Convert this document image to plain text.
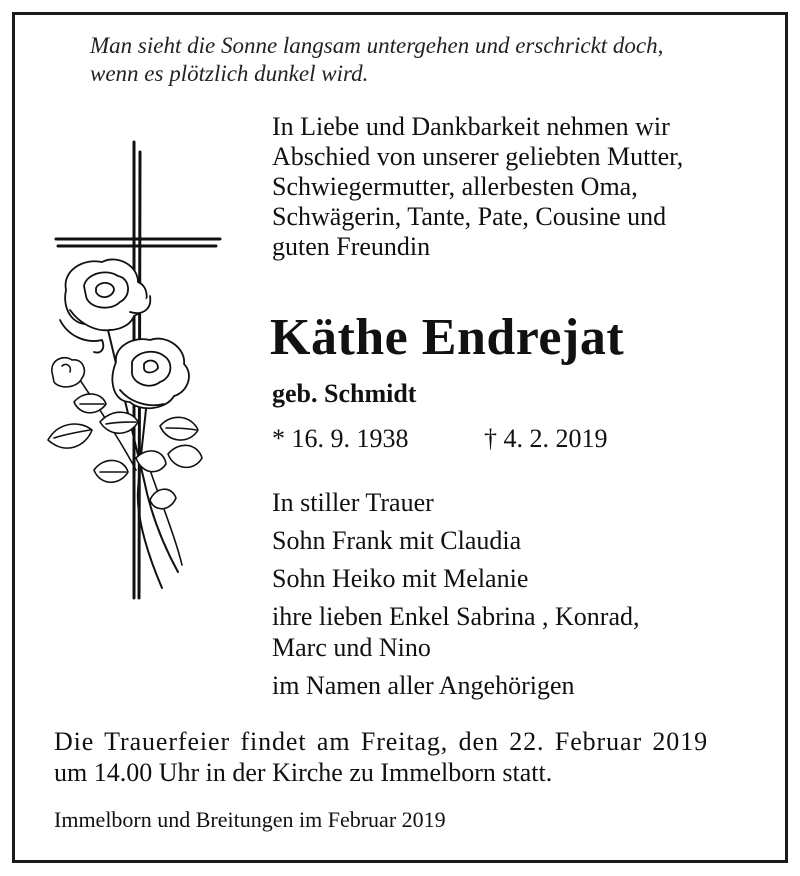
Man sieht die Sonne langsam untergehen und erschrickt doch,
wenn es plötzlich dunkel wird.
In Liebe und Dankbarkeit nehmen wir
Abschied von unserer geliebten Mutter,
Schwiegermutter, allerbesten Oma,
Schwägerin, Tante, Pate, Cousine und
guten Freundin
Käthe Endrejat
geb. Schmidt
* 16. 9. 1938	† 4. 2. 2019
In stiller Trauer
Sohn Frank mit Claudia
Sohn Heiko mit Melanie
ihre lieben Enkel Sabrina , Konrad,
Marc und Nino
im Namen aller Angehörigen
Die Trauerfeier findet am Freitag, den 22. Februar 2019
um 14.00 Uhr in der Kirche zu Immelborn statt.
Immelborn und Breitungen im Februar 2019
